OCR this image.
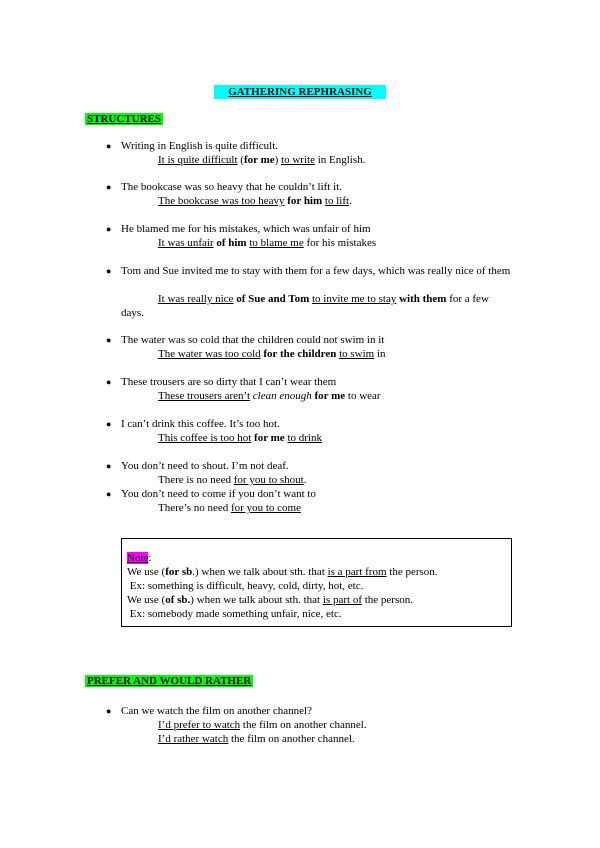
GATHERING REPHRASING
STRUCTURES
● Writing in English is quite difficult.
It is quite difficult (for me) to write in English.
● The bookcase was so heavy that he couldn’t lift it.
The bookcase was too heavy for him to lift.
● He blamed me for his mistakes, which was unfair of him
It was unfair of him to blame me for his mistakes
● Tom and Sue invited me to stay with them for a few days, which was really nice of them
It was really nice of Sue and Tom to invite me to stay with them for a few days.
● The water was so cold that the children could not swim in it
The water was too cold for the children to swim in
● These trousers are so dirty that I can’t wear them
These trousers aren’t clean enough for me to wear
● I can’t drink this coffee. It’s too hot.
This coffee is too hot for me to drink
● You don’t need to shout. I’m not deaf.
There is no need for you to shout.
● You don’t need to come if you don’t want to
There’s no need for you to come
Note:
We use (for sb.) when we talk about sth. that is a part from the person.
Ex: something is difficult, heavy, cold, dirty, hot, etc.
We use (of sb.) when we talk about sth. that is part of the person.
Ex: somebody made something unfair, nice, etc.
PREFER AND WOULD RATHER
● Can we watch the film on another channel?
I’d prefer to watch the film on another channel.
I’d rather watch the film on another channel.
